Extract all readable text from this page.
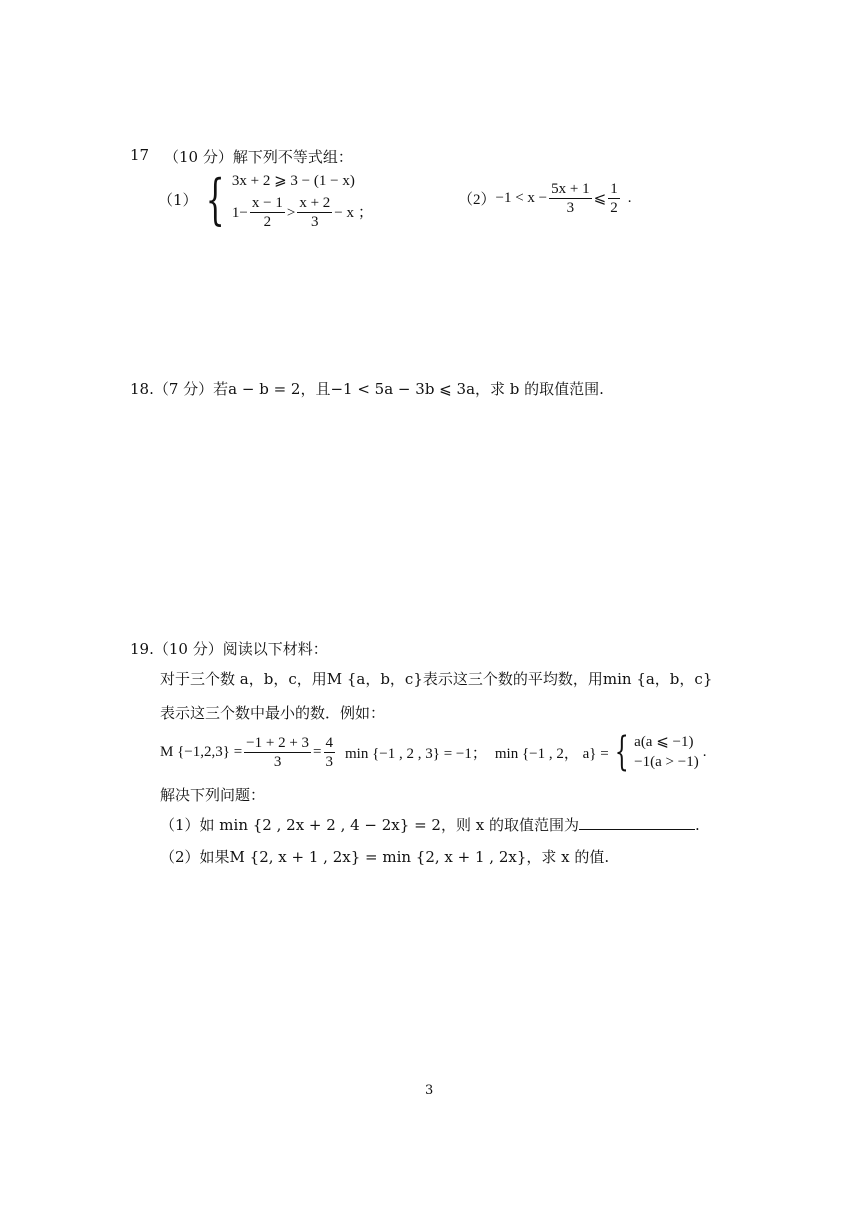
17 （10 分）解下列不等式组：
（1） { 3x + 2 ⩾ 3 − (1 − x)
$1- \frac{x - 1}{2} > \frac{x + 2}{3} - x$ ；
$(2) -1 < x - \frac{5x + 1}{3}$ ⩽ $\frac{1}{2}$ .
18.（7 分）若a − b = 2，且−1 < 5a − 3b ⩽ 3a，求 b 的取值范围.
19.（10 分）阅读以下材料：
对于三个数 a，b，c，用M {a，b，c}表示这三个数的平均数，用min {a，b，c}
表示这三个数中最小的数．例如：
M $\{-1,2,3\} = \frac{-1 + 2 + 3}{3} = \frac{4}{3}$ min {−1 , 2 , 3} = −1； min {−1 , 2， a} = { a(a ⩽ −1)
−1(a > −1)
.
解决下列问题：
（1）如 min {2 , 2x + 2 , 4 − 2x} = 2，则 x 的取值范围为	.
（2）如果M {2, x + 1 , 2x} = min {2, x + 1 , 2x}，求 x 的值.
3
